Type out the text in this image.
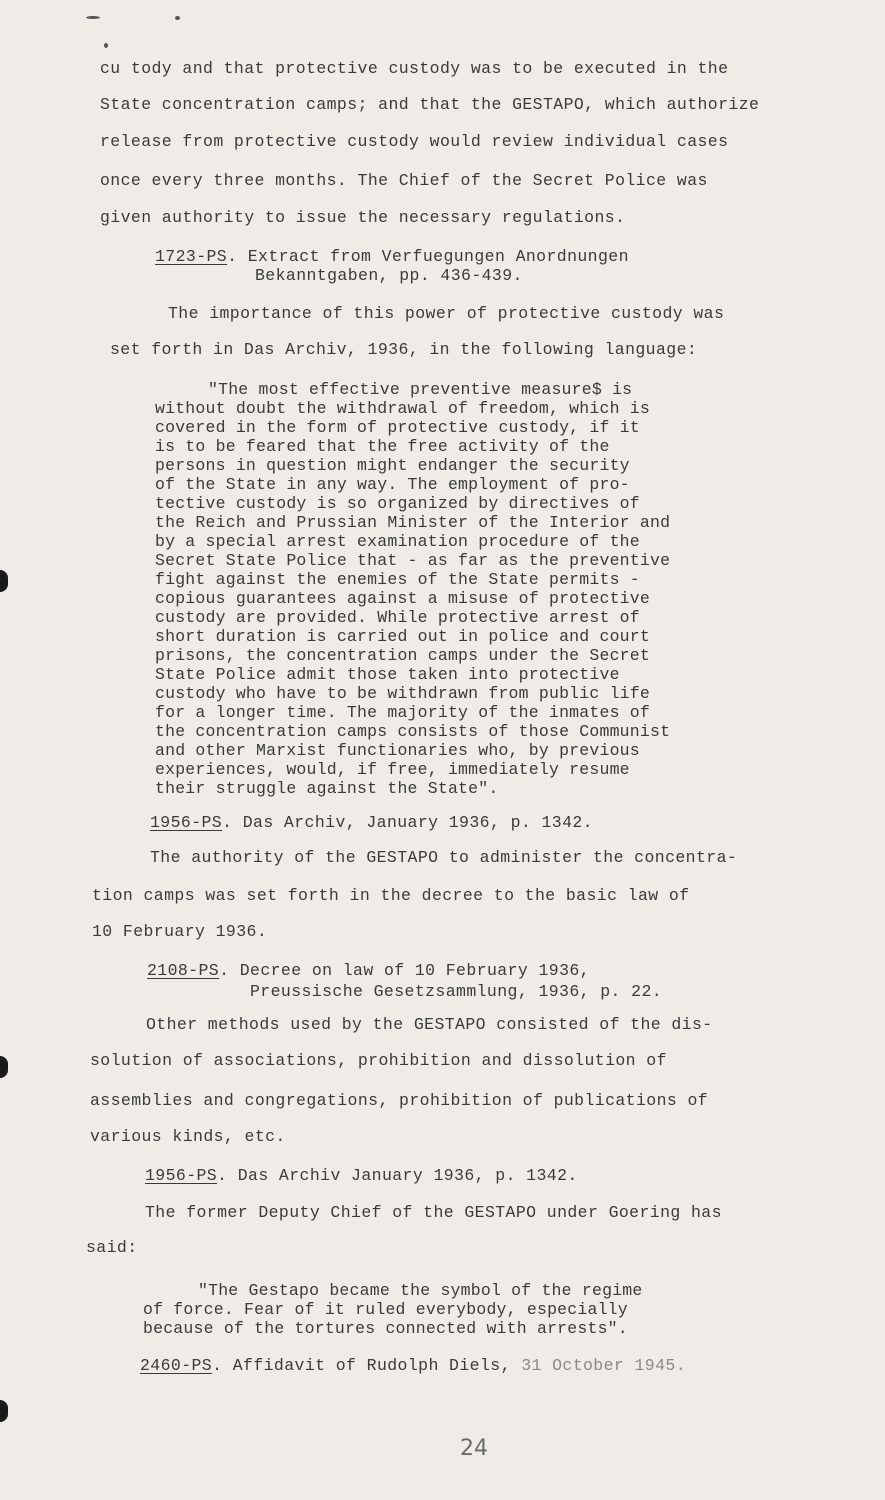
cu tody and that protective custody was to be executed in the
State concentration camps; and that the GESTAPO, which authorize
release from protective custody would review individual cases
once every three months. The Chief of the Secret Police was
given authority to issue the necessary regulations.
1723-PS. Extract from Verfuegungen Anordnungen
Bekanntgaben, pp. 436-439.
The importance of this power of protective custody was
set forth in Das Archiv, 1936, in the following language:
"The most effective preventive measure$ is
without doubt the withdrawal of freedom, which is
covered in the form of protective custody, if it
is to be feared that the free activity of the
persons in question might endanger the security
of the State in any way. The employment of pro-
tective custody is so organized by directives of
the Reich and Prussian Minister of the Interior and
by a special arrest examination procedure of the
Secret State Police that - as far as the preventive
fight against the enemies of the State permits -
copious guarantees against a misuse of protective
custody are provided. While protective arrest of
short duration is carried out in police and court
prisons, the concentration camps under the Secret
State Police admit those taken into protective
custody who have to be withdrawn from public life
for a longer time. The majority of the inmates of
the concentration camps consists of those Communist
and other Marxist functionaries who, by previous
experiences, would, if free, immediately resume
their struggle against the State".
1956-PS. Das Archiv, January 1936, p. 1342.
The authority of the GESTAPO to administer the concentra-
tion camps was set forth in the decree to the basic law of
10 February 1936.
2108-PS. Decree on law of 10 February 1936,
Preussische Gesetzsammlung, 1936, p. 22.
Other methods used by the GESTAPO consisted of the dis-
solution of associations, prohibition and dissolution of
assemblies and congregations, prohibition of publications of
various kinds, etc.
1956-PS. Das Archiv January 1936, p. 1342.
The former Deputy Chief of the GESTAPO under Goering has
said:
"The Gestapo became the symbol of the regime
of force. Fear of it ruled everybody, especially
because of the tortures connected with arrests".
2460-PS. Affidavit of Rudolph Diels, 31 October 1945.
24
